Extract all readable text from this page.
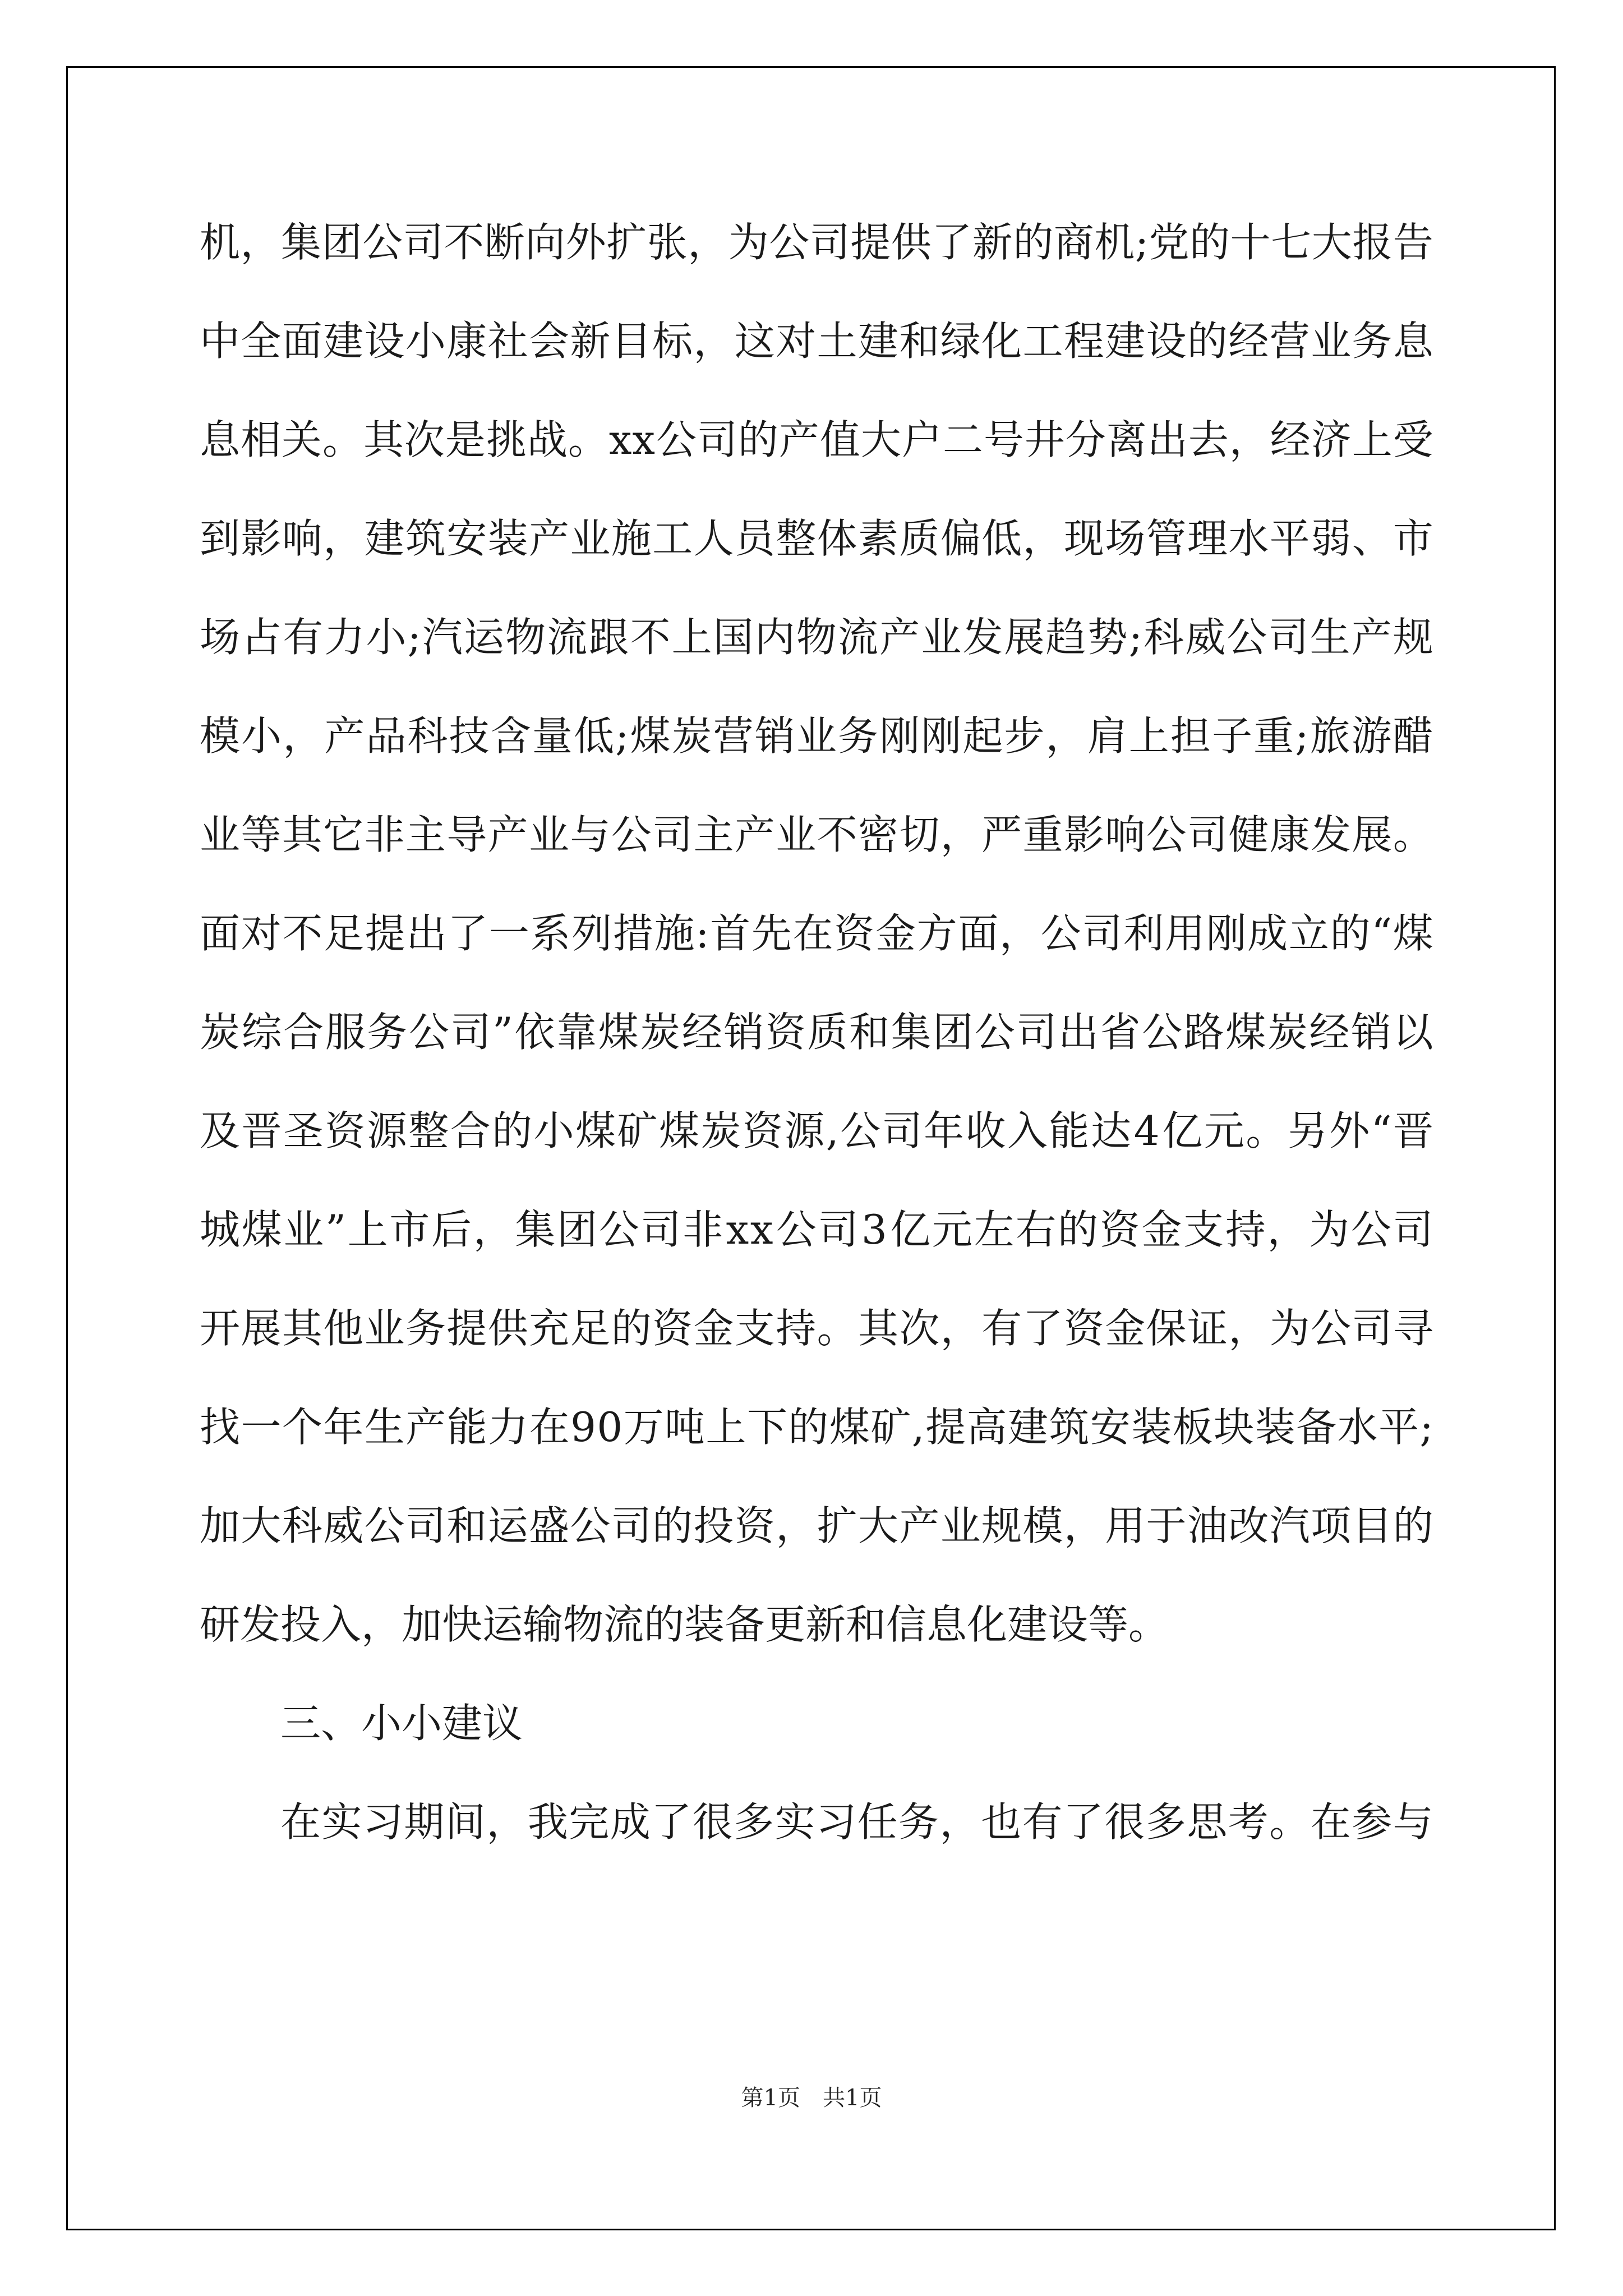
机 ， 集 团 公 司 不 断 向 外 扩 张 ， 为 公 司 提 供 了 新 的 商 机 ; 党 的 十 七 大 报 告
中 全 面 建 设 小 康 社 会 新 目 标 ， 这 对 土 建 和 绿 化 工 程 建 设 的 经 营 业 务 息
息 相 关 。 其 次 是 挑 战 。 x x 公 司 的 产 值 大 户 二 号 井 分 离 出 去 ， 经 济 上 受
到 影 响 ， 建 筑 安 装 产 业 施 工 人 员 整 体 素 质 偏 低 ， 现 场 管 理 水 平 弱 、 市
场 占 有 力 小 ; 汽 运 物 流 跟 不 上 国 内 物 流 产 业 发 展 趋 势 ; 科 威 公 司 生 产 规
模 小 ， 产 品 科 技 含 量 低 ; 煤 炭 营 销 业 务 刚 刚 起 步 ， 肩 上 担 子 重 ; 旅 游 醋
业 等 其 它 非 主 导 产 业 与 公 司 主 产 业 不 密 切 ， 严 重 影 响 公 司 健 康 发 展 。
面 对 不 足 提 出 了 一 系 列 措 施 : 首 先 在 资 金 方 面 ， 公 司 利 用 刚 成 立 的 “ 煤
炭 综 合 服 务 公 司 ” 依 靠 煤 炭 经 销 资 质 和 集 团 公 司 出 省 公 路 煤 炭 经 销 以
及 晋 圣 资 源 整 合 的 小 煤 矿 煤 炭 资 源 , 公 司 年 收 入 能 达 4 亿 元 。 另 外 “ 晋
城 煤 业 ” 上 市 后 ， 集 团 公 司 非 x x 公 司 3 亿 元 左 右 的 资 金 支 持 ， 为 公 司
开 展 其 他 业 务 提 供 充 足 的 资 金 支 持 。 其 次 ， 有 了 资 金 保 证 ， 为 公 司 寻
找 一 个 年 生 产 能 力 在 9 0 万 吨 上 下 的 煤 矿 , 提 高 建 筑 安 装 板 块 装 备 水 平 ;
加 大 科 威 公 司 和 运 盛 公 司 的 投 资 ， 扩 大 产 业 规 模 ， 用 于 油 改 汽 项 目 的
研发投入，加快运输物流的装备更新和信息化建设等。
三、小小建议
在 实 习 期 间 ， 我 完 成 了 很 多 实 习 任 务 ， 也 有 了 很 多 思 考 。 在 参 与
第1页　共1页
